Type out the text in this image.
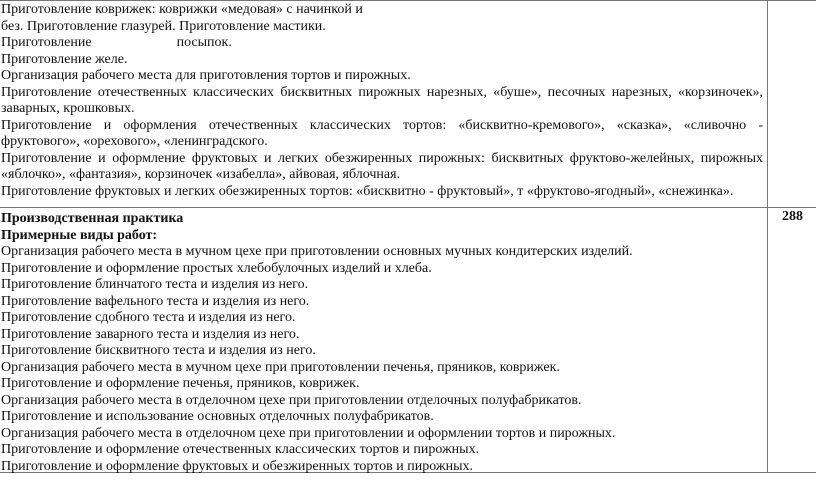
Приготовление коврижек: коврижки «медовая» с начинкой и

без. Приготовление глазурей. Приготовление мастики.

Приготовление	посыпок.

Приготовление желе.

Организация рабочего места для приготовления тортов и пирожных.

Приготовление отечественных классических бисквитных пирожных нарезных, «буше», песочных нарезных, «корзиночек», заварных, крошковых.

Приготовление и оформления отечественных классических тортов: «бисквитно-кремового», «сказка», «сливочно - фруктового», «орехового», «ленинградского.

Приготовление и оформление фруктовых и легких обезжиренных пирожных: бисквитных фруктово-желейных, пирожных «яблочко», «фантазия», корзиночек «изабелла», айвовая, яблочная.

Приготовление фруктовых и легких обезжиренных тортов: «бисквитно - фруктовый», т «фруктово-ягодный», «снежинка».

Производственная практика

Примерные виды работ:

Организация рабочего места в мучном цехе при приготовлении основных мучных кондитерских изделий.

Приготовление и оформление простых хлебобулочных изделий и хлеба.

Приготовление блинчатого теста и изделия из него.

Приготовление вафельного теста и изделия из него.

Приготовление сдобного теста и изделия из него.

Приготовление заварного теста и изделия из него.

Приготовление бисквитного теста и изделия из него.

Организация рабочего места в мучном цехе при приготовлении печенья, пряников, коврижек.

Приготовление и оформление печенья, пряников, коврижек.

Организация рабочего места в отделочном цехе при приготовлении отделочных полуфабрикатов.

Приготовление и использование основных отделочных полуфабрикатов.

Организация рабочего места в отделочном цехе при приготовлении и оформлении тортов и пирожных.

Приготовление и оформление отечественных классических тортов и пирожных.

Приготовление и оформление фруктовых и обезжиренных тортов и пирожных.

288
